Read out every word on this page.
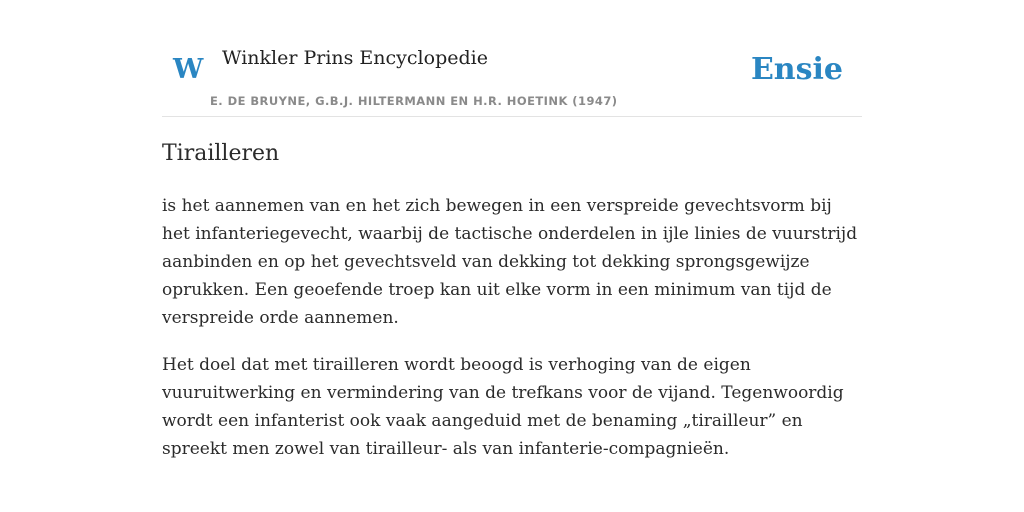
W Winkler Prins Encyclopedie	Ensie
E. DE BRUYNE, G.B.J. HILTERMANN EN H.R. HOETINK (1947)
Tirailleren

is het aannemen van en het zich bewegen in een verspreide gevechtsvorm bij het infanteriegevecht, waarbij de tactische onderdelen in ijle linies de vuurstrijd aanbinden en op het gevechtsveld van dekking tot dekking sprongsgewijze oprukken. Een geoefende troep kan uit elke vorm in een minimum van tijd de verspreide orde aannemen.

Het doel dat met tirailleren wordt beoogd is verhoging van de eigen vuuruitwerking en vermindering van de trefkans voor de vijand. Tegenwoordig wordt een infanterist ook vaak aangeduid met de benaming „tirailleur” en spreekt men zowel van tirailleur- als van infanterie-compagnieën.
